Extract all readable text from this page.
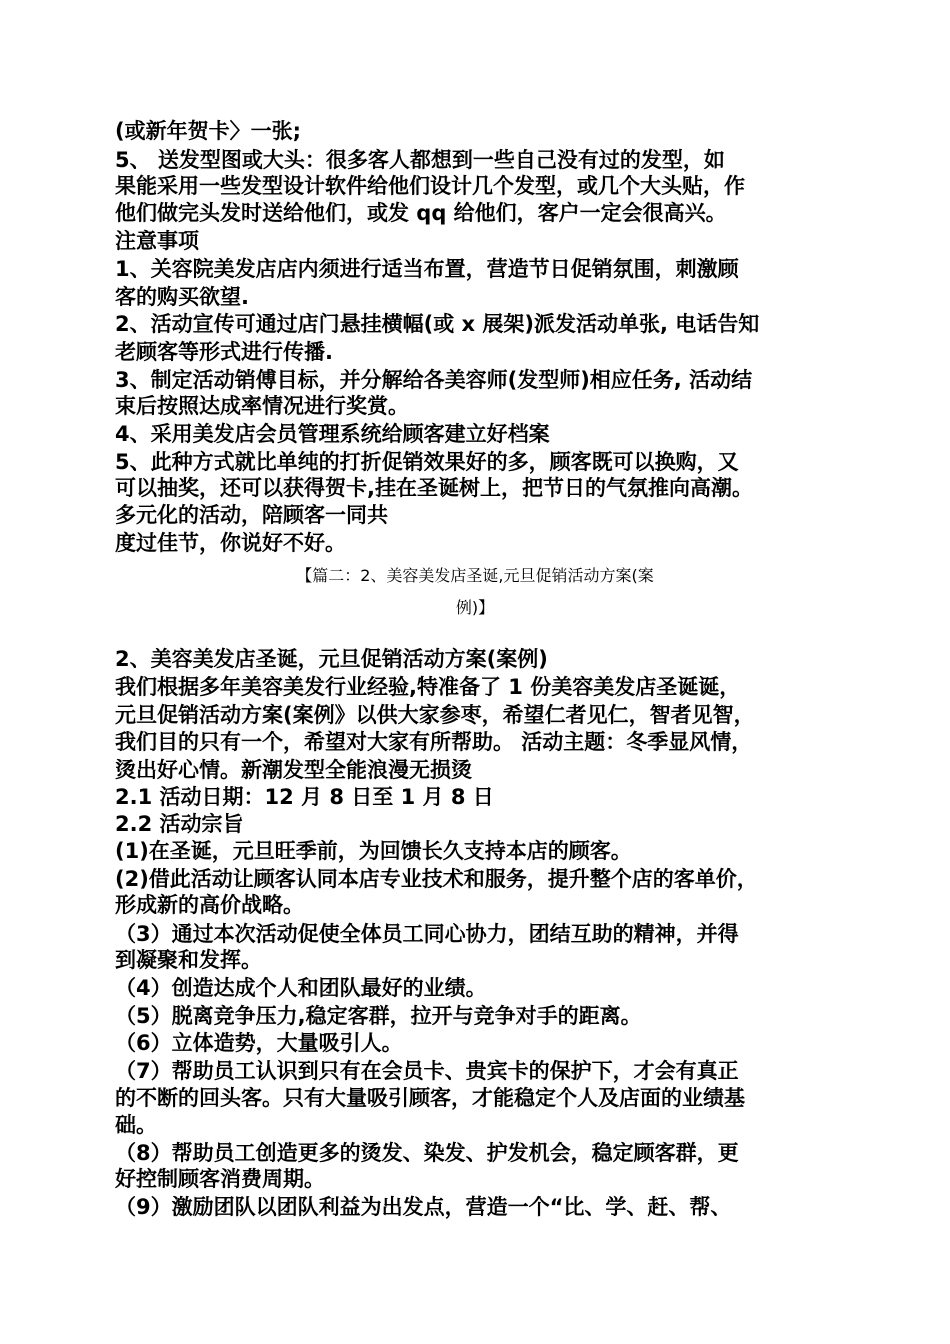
(或新年贺卡〉一张;
5、 送发型图或大头：很多客人都想到一些自己没有过的发型，如
果能采用一些发型设计软件给他们设计几个发型，或几个大头贴，作
他们做完头发时送给他们，或发 qq 给他们，客户一定会很高兴。
注意事项
1、关容院美发店店内须进行适当布置，营造节日促销氛围，刺激顾
客的购买欲望.
2、活动宣传可通过店门悬挂横幅(或 x 展架)派发活动单张, 电话告知
老顾客等形式进行传播.
3、制定活动销傅目标，并分解给各美容师(发型师)相应任务, 活动结
束后按照达成率情况进行奖赏。
4、采用美发店会员管理系统给顾客建立好档案
5、此种方式就比单纯的打折促销效果好的多，顾客既可以换购，又
可以抽奖，还可以获得贺卡,挂在圣诞树上，把节日的气氛推向高潮。
多元化的活动，陪顾客一同共
度过佳节，你说好不好。
【篇二：2、美容美发店圣诞,元旦促销活动方案(案
例)】
2、美容美发店圣诞，元旦促销活动方案(案例)
我们根据多年美容美发行业经验,特准备了 1 份美容美发店圣诞诞，
元旦促销活动方案(案例》以供大家参枣，希望仁者见仁，智者见智，
我们目的只有一个，希望对大家有所帮助。 活动主题：冬季显风情，
烫出好心情。新潮发型全能浪漫无损烫
2.1 活动日期：12 月 8 日至 1 月 8 日
2.2 活动宗旨
(1)在圣诞，元旦旺季前，为回馈长久支持本店的顾客。
(2)借此活动让顾客认同本店专业技术和服务，提升整个店的客单价，
形成新的高价战略。
（3）通过本次活动促使全体员工同心协力，团结互助的精神，并得
到凝聚和发挥。
（4）创造达成个人和团队最好的业绩。
（5）脱离竞争压力,稳定客群，拉开与竞争对手的距离。
（6）立体造势，大量吸引人。
（7）帮助员工认识到只有在会员卡、贵宾卡的保护下，才会有真正
的不断的回头客。只有大量吸引顾客，才能稳定个人及店面的业绩基
础。
（8）帮助员工创造更多的烫发、染发、护发机会，稳定顾客群，更
好控制顾客消费周期。
（9）激励团队以团队利益为出发点，营造一个“比、学、赶、帮、
